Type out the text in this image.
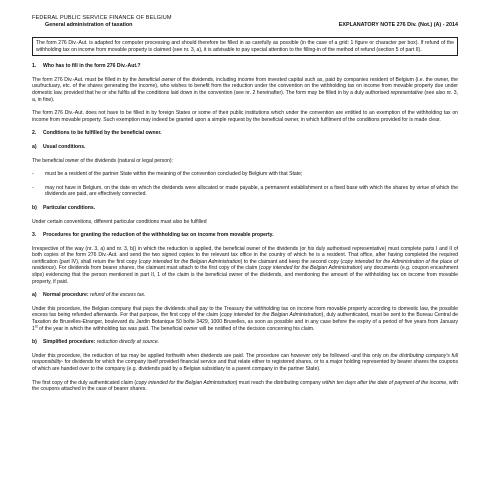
FEDERAL PUBLIC SERVICE FINANCE OF BELGIUM
General administration of taxation	EXPLANATORY NOTE 276 Div. (Not.) (A) - 2014
The form 276 Div.-Aut. is adapted for computer processing and should therefore be filled in as carefully as possible (in the case of a grid: 1 figure or character per box). If refund of the withholding tax on income from movable property is claimed (see nr. 3, a), it is advisable to pay special attention to the filling-in of the method of refund (section 5 of part II).
1.	Who has to fill in the form 276 Div.-Aut.?

The form 276 Div.-Aut. must be filled in by the beneficial owner of the dividends, including income from invested capital such as, paid by companies resident of Belgium (i.e. the owner, the usufructuary, etc. of the shares generating the income), who wishes to benefit from the reduction under the convention on the withholding tax on income from movable property due under domestic law, provided that he or she fulfils all the conditions laid down in the convention (see nr. 2 hereinafter). The form may be filled in by a duly authorised representative (see also nr. 3, a, in fine).

The form 276 Div.-Aut. does not have to be filled in by foreign States or some of their public institutions which under the convention are entitled to an exemption of the withholding tax on income from movable property. Such exemption may indeed be granted upon a simple request by the beneficial owner, in which fulfilment of the conditions provided for is made clear.

2.	Conditions to be fulfilled by the beneficial owner.
a)	Usual conditions.

The beneficial owner of the dividends (natural or legal person):

-	must be a resident of the partner State within the meaning of the convention concluded by Belgium with that State;
-	may not have in Belgium, on the date on which the dividends were allocated or made payable, a permanent establishment or a fixed base with which the shares by virtue of which the dividends are paid, are effectively connected.
b)	Particular conditions.

Under certain conventions, different particular conditions must also be fulfilled

3.	Procedures for granting the reduction of the withholding tax on income from movable property.

Irrespective of the way (nr. 3, a) and nr. 3, b)) in which the reduction is applied, the beneficial owner of the dividends (or his duly authorised representative) must complete parts I and II of both copies of the form 276 Div.-Aut. and send the two signed copies to the relevant tax office in the country of which he is a resident. That office, after having completed the required certification (part IV), shall return the first copy (copy intended for the Belgian Administration) to the claimant and keep the second copy (copy intended for the Administration of the place of residence). For dividends from bearer shares, the claimant must attach to the first copy of the claim (copy intended for the Belgian Administration) any documents (e.g. coupon encashment slips) evidencing that the person mentioned in part II, 1 of the claim is the beneficial owner of the dividends, and mentioning the amount of the withholding tax on income from movable property, if paid.

a)	Normal procedure: refund of the excess tax.

Under this procedure, the Belgian company that pays the dividends shall pay to the Treasury the withholding tax on income from movable property according to domestic law, the possible excess tax being refunded afterwards. For that purpose, the first copy of the claim (copy intended for the Belgian Administration), duly authenticated, must be sent to the Bureau Central de Taxation de Bruxelles-Etranger, boulevard du Jardin Botanique 50 boîte 3429, 1000 Bruxelles, as soon as possible and in any case before the expiry of a period of five years from January 1st of the year in which the withholding tax was paid. The beneficial owner will be notified of the decision concerning his claim.

b)	Simplified procedure: reduction directly at source.

Under this procedure, the reduction of tax may be applied forthwith when dividends are paid. The procedure can however only be followed -and this only on the distributing company's full responsibility- for dividends for which the company itself provided financial service and that relate either to registered shares, or to a major holding represented by bearer shares the coupons of which are handed over to the company (e.g. dividends paid by a Belgian subsidiary to a parent company in the partner State).

The first copy of the duly authenticated claim (copy intended for the Belgian Administration) must reach the distributing company within ten days after the date of payment of the income, with the coupons attached in the case of bearer shares.
